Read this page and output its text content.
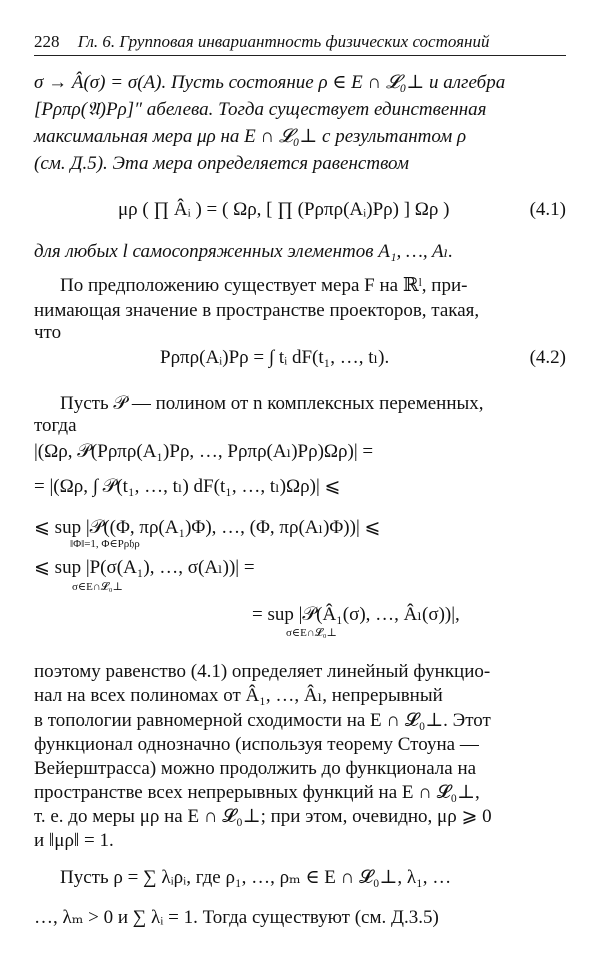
228 Гл. 6. Групповая инвариантность физических состояний
σ → Â(σ) = σ(A). Пусть состояние ρ ∈ E ∩ 𝓛₀⊥ и алгебра
[Pρπρ(𝔄)Pρ]″ абелева. Тогда существует единственная
максимальная мера μρ на E ∩ 𝓛₀⊥ с результантом ρ
(см. Д.5). Эта мера определяется равенством
μρ ( ∏ Âᵢ ) = ( Ωρ, [ ∏ (Pρπρ(Aᵢ)Pρ) ] Ωρ )	(4.1)
для любых l самосопряженных элементов A₁, …, Aₗ.
По предположению существует мера F на ℝˡ, при-
нимающая значение в пространстве проекторов, такая,
что
Pρπρ(Aᵢ)Pρ = ∫ tᵢ dF(t₁, …, tₗ).	(4.2)
Пусть 𝒫 — полином от n комплексных переменных,
тогда
|(Ωρ, 𝒫(Pρπρ(A₁)Pρ, …, Pρπρ(Aₗ)Pρ)Ωρ)| =
= |(Ωρ, ∫ 𝒫(t₁, …, tₗ) dF(t₁, …, tₗ)Ωρ)| ⩽
⩽ sup |𝒫((Φ, πρ(A₁)Φ), …, (Φ, πρ(Aₗ)Φ))| ⩽
‖Φ‖=1, Φ∈Pρ𝔥ρ
⩽ sup |P(σ(A₁), …, σ(Aₗ))| =
σ∈E∩𝓛₀⊥
= sup |𝒫(Â₁(σ), …, Âₗ(σ))|,
σ∈E∩𝓛₀⊥
поэтому равенство (4.1) определяет линейный функцио-
нал на всех полиномах от Â₁, …, Âₗ, непрерывный
в топологии равномерной сходимости на E ∩ 𝓛₀⊥. Этот
функционал однозначно (используя теорему Стоуна —
Вейерштрасса) можно продолжить до функционала на
пространстве всех непрерывных функций на E ∩ 𝓛₀⊥,
т. е. до меры μρ на E ∩ 𝓛₀⊥; при этом, очевидно, μρ ⩾ 0
и ‖μρ‖ = 1.
Пусть ρ = ∑ λᵢρᵢ, где ρ₁, …, ρₘ ∈ E ∩ 𝓛₀⊥, λ₁, …
…, λₘ > 0 и ∑ λᵢ = 1. Тогда существуют (см. Д.3.5)
